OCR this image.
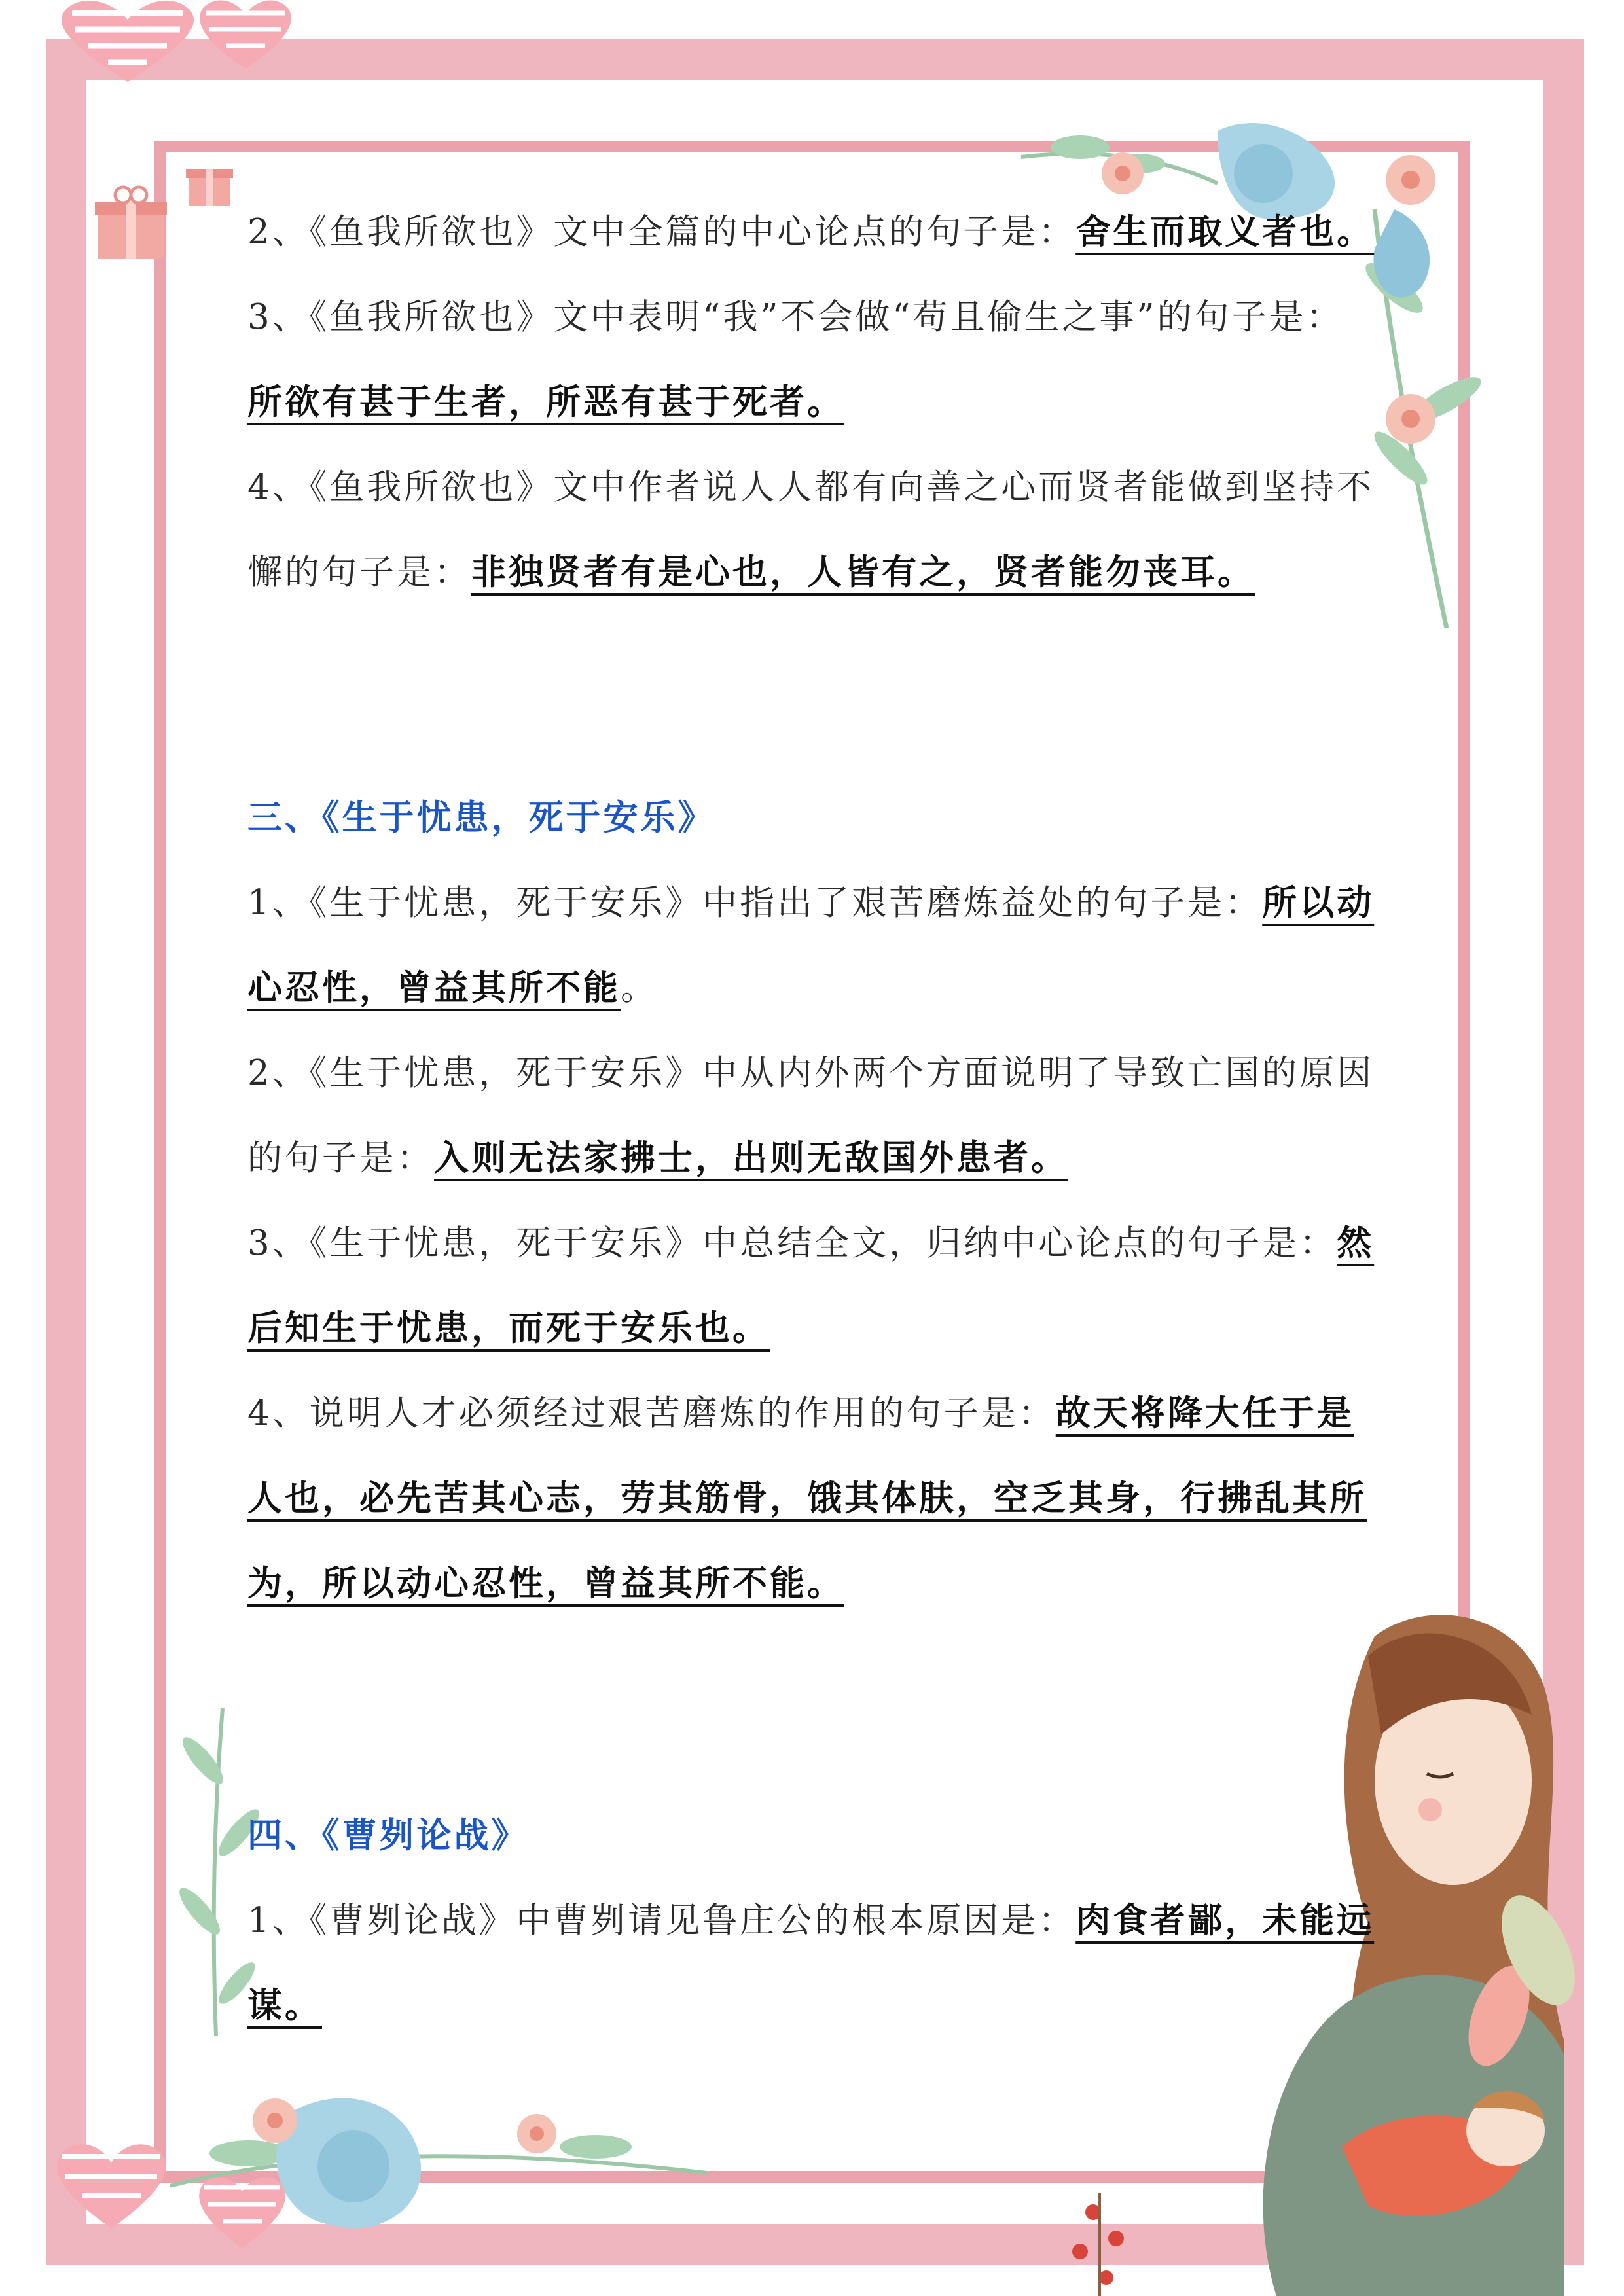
2、《鱼我所欲也》文中全篇的中心论点的句子是：舍生而取义者也。

3、《鱼我所欲也》文中表明“我”不会做“苟且偷生之事”的句子是：所欲有甚于生者，所恶有甚于死者。

4、《鱼我所欲也》文中作者说人人都有向善之心而贤者能做到坚持不懈的句子是：非独贤者有是心也，人皆有之，贤者能勿丧耳。

三、《生于忧患，死于安乐》

1、《生于忧患，死于安乐》中指出了艰苦磨炼益处的句子是：所以动心忍性，曾益其所不能。

2、《生于忧患，死于安乐》中从内外两个方面说明了导致亡国的原因的句子是：入则无法家拂士，出则无敌国外患者。

3、《生于忧患，死于安乐》中总结全文，归纳中心论点的句子是：然后知生于忧患，而死于安乐也。

4、说明人才必须经过艰苦磨炼的作用的句子是：故天将降大任于是人也，必先苦其心志，劳其筋骨，饿其体肤，空乏其身，行拂乱其所为，所以动心忍性，曾益其所不能。

四、《曹刿论战》

1、《曹刿论战》中曹刿请见鲁庄公的根本原因是：肉食者鄙，未能远谋。
